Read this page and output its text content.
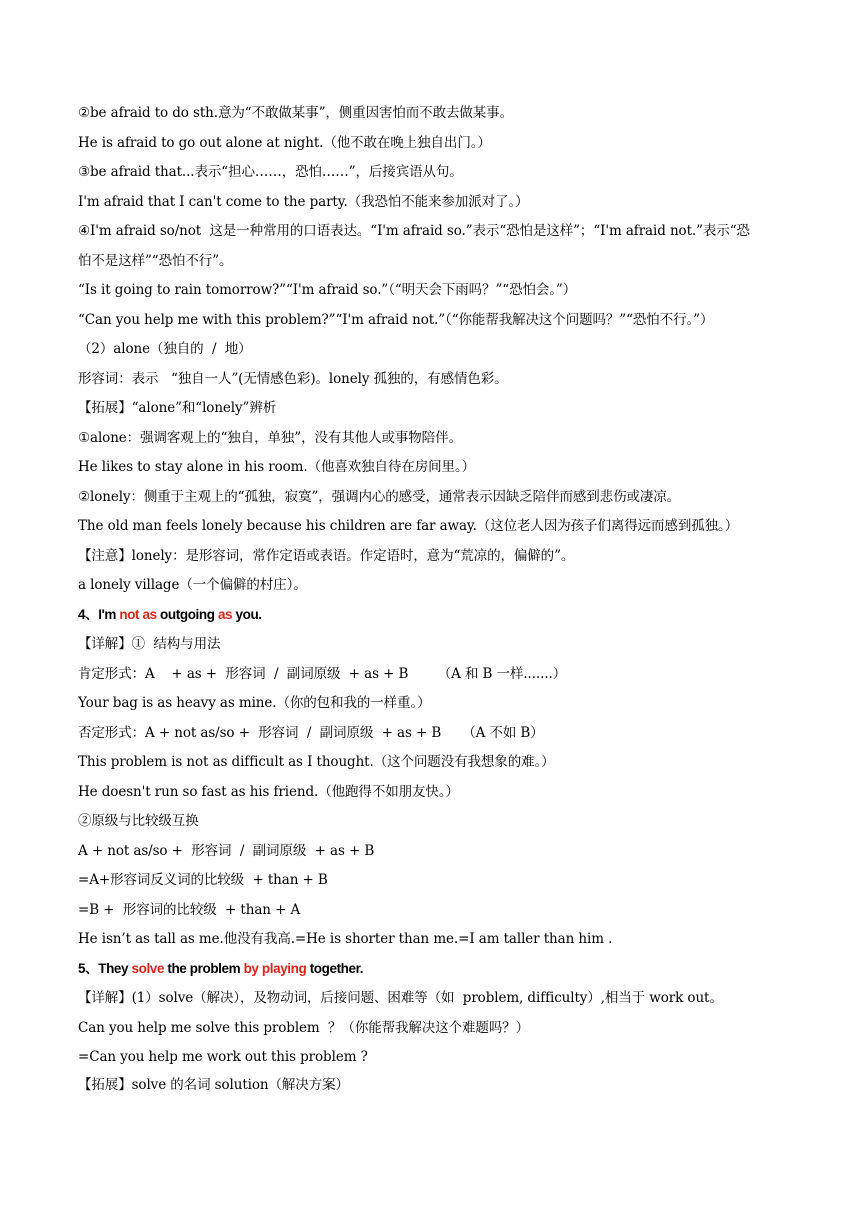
②be afraid to do sth.意为“不敢做某事”，侧重因害怕而不敢去做某事。
He is afraid to go out alone at night.（他不敢在晚上独自出门。）
③be afraid that...表示“担心……，恐怕……”，后接宾语从句。
I'm afraid that I can't come to the party.（我恐怕不能来参加派对了。）
④I'm afraid so/not  这是一种常用的口语表达。“I'm afraid so.”表示“恐怕是这样”；“I'm afraid not.”表示“恐
怕不是这样”“恐怕不行”。
“Is it going to rain tomorrow?”“I'm afraid so.”（“明天会下雨吗？”“恐怕会。”）
“Can you help me with this problem?”“I'm afraid not.”（“你能帮我解决这个问题吗？”“恐怕不行。”）
（2）alone（独自的  /  地）
形容词：表示   “独自一人”(无情感色彩)。lonely 孤独的，有感情色彩。
【拓展】“alone”和“lonely”辨析
①alone：强调客观上的“独自，单独”，没有其他人或事物陪伴。
He likes to stay alone in his room.（他喜欢独自待在房间里。）
②lonely：侧重于主观上的“孤独，寂寞”，强调内心的感受，通常表示因缺乏陪伴而感到悲伤或凄凉。
The old man feels lonely because his children are far away.（这位老人因为孩子们离得远而感到孤独。）
【注意】lonely：是形容词，常作定语或表语。作定语时，意为“荒凉的，偏僻的”。
a lonely village（一个偏僻的村庄）。
4、I'm not as outgoing as you.
【详解】①  结构与用法
肯定形式：A    + as +  形容词  /  副词原级  + as + B       （A 和 B 一样.......）
Your bag is as heavy as mine.（你的包和我的一样重。）
否定形式：A + not as/so +  形容词  /  副词原级  + as + B     （A 不如 B）
This problem is not as difficult as I thought.（这个问题没有我想象的难。）
He doesn't run so fast as his friend.（他跑得不如朋友快。）
②原级与比较级互换
A + not as/so +  形容词  /  副词原级  + as + B
=A+形容词反义词的比较级  + than + B
=B +  形容词的比较级  + than + A
He isn’t as tall as me.他没有我高.=He is shorter than me.=I am taller than him .
5、They solve the problem by playing together.
【详解】(1）solve（解决），及物动词，后接问题、困难等（如  problem, difficulty）,相当于 work out。
Can you help me solve this problem  ？（你能帮我解决这个难题吗？）
=Can you help me work out this problem ?
【拓展】solve 的名词 solution（解决方案）
